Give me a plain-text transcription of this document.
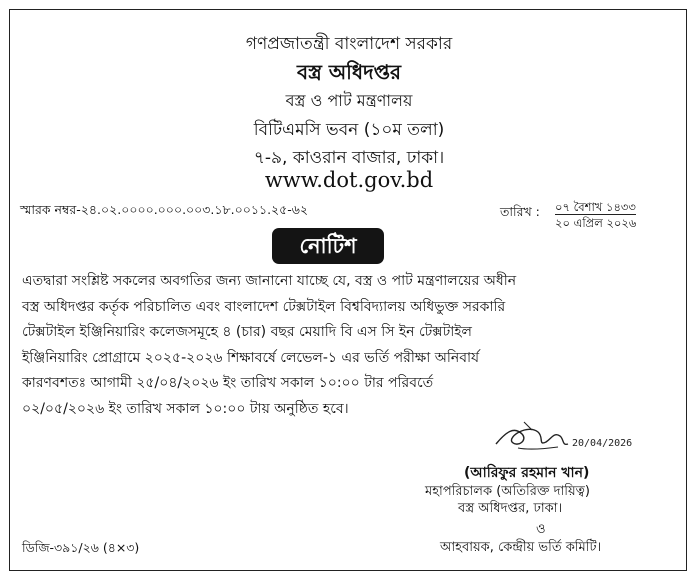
গণপ্রজাতন্ত্রী বাংলাদেশ সরকার
বস্ত্র অধিদপ্তর
বস্ত্র ও পাট মন্ত্রণালয়
বিটিএমসি ভবন (১০ম তলা)
৭-৯, কাওরান বাজার, ঢাকা।
www.dot.gov.bd
স্মারক নম্বর-২৪.০২.০০০০.০০০.০০৩.১৮.০০১১.২৫-৬২	তারিখ : ০৭ বৈশাখ ১৪৩৩
২০ এপ্রিল ২০২৬
নোটিশ
এতদ্বারা সংশ্লিষ্ট সকলের অবগতির জন্য জানানো যাচ্ছে যে, বস্ত্র ও পাট মন্ত্রণালয়ের অধীন
বস্ত্র অধিদপ্তর কর্তৃক পরিচালিত এবং বাংলাদেশ টেক্সটাইল বিশ্ববিদ্যালয় অধিভুক্ত সরকারি
টেক্সটাইল ইঞ্জিনিয়ারিং কলেজসমূহে ৪ (চার) বছর মেয়াদি বি এস সি ইন টেক্সটাইল
ইঞ্জিনিয়ারিং প্রোগ্রামে ২০২৫-২০২৬ শিক্ষাবর্ষে লেভেল-১ এর ভর্তি পরীক্ষা অনিবার্য
কারণবশতঃ আগামী ২৫/০৪/২০২৬ ইং তারিখ সকাল ১০:০০ টার পরিবর্তে
০২/০৫/২০২৬ ইং তারিখ সকাল ১০:০০ টায় অনুষ্ঠিত হবে।
20/04/2026
(আরিফুর রহমান খান)
মহাপরিচালক (অতিরিক্ত দায়িত্ব)
বস্ত্র অধিদপ্তর, ঢাকা।
ও
আহবায়ক, কেন্দ্রীয় ভর্তি কমিটি।
ডিজি-৩৯১/২৬ (৪×৩)
